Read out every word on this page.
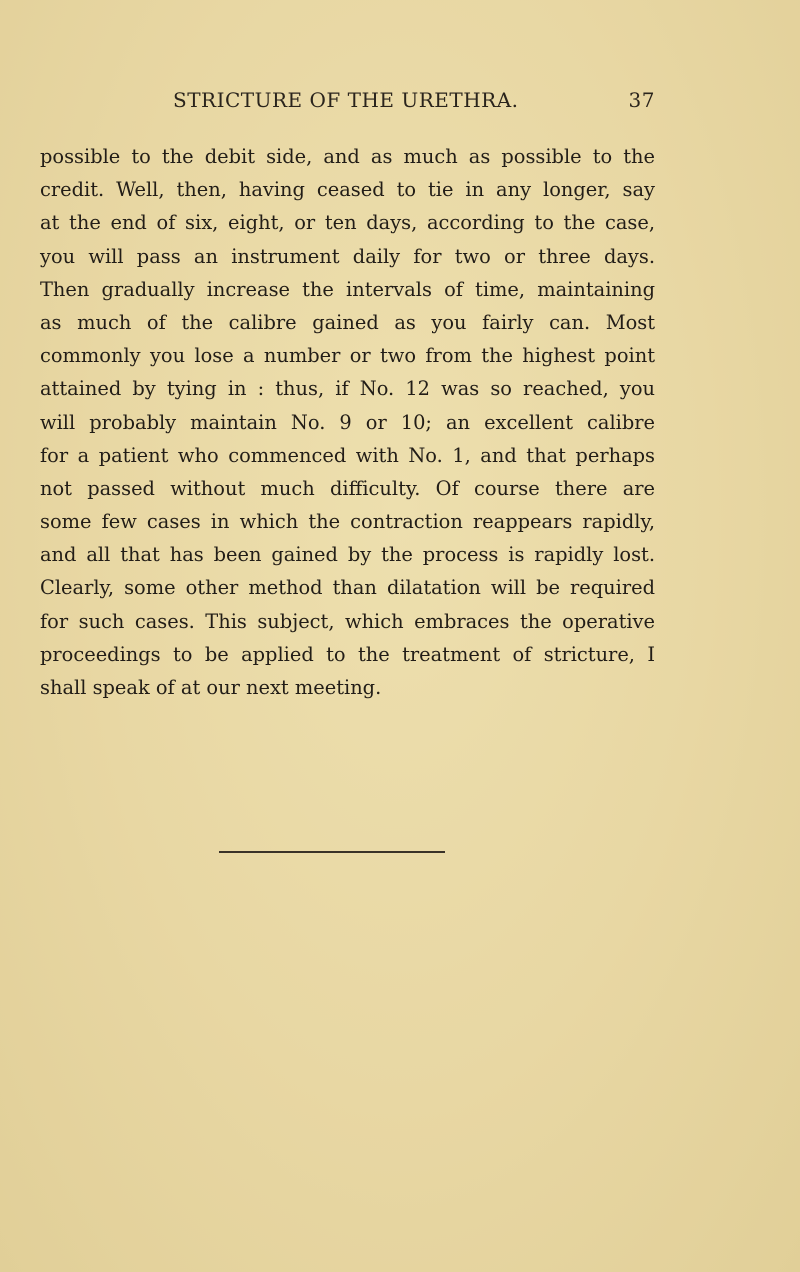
STRICTURE OF THE URETHRA.	37
possible to the debit side, and as much as possible to the
credit. Well, then, having ceased to tie in any longer, say
at the end of six, eight, or ten days, according to the case,
you will pass an instrument daily for two or three days.
Then gradually increase the intervals of time, maintaining
as much of the calibre gained as you fairly can. Most
commonly you lose a number or two from the highest point
attained by tying in : thus, if No. 12 was so reached, you
will probably maintain No. 9 or 10; an excellent calibre
for a patient who commenced with No. 1, and that perhaps
not passed without much difficulty. Of course there are
some few cases in which the contraction reappears rapidly,
and all that has been gained by the process is rapidly lost.
Clearly, some other method than dilatation will be required
for such cases. This subject, which embraces the operative
proceedings to be applied to the treatment of stricture, I
shall speak of at our next meeting.
